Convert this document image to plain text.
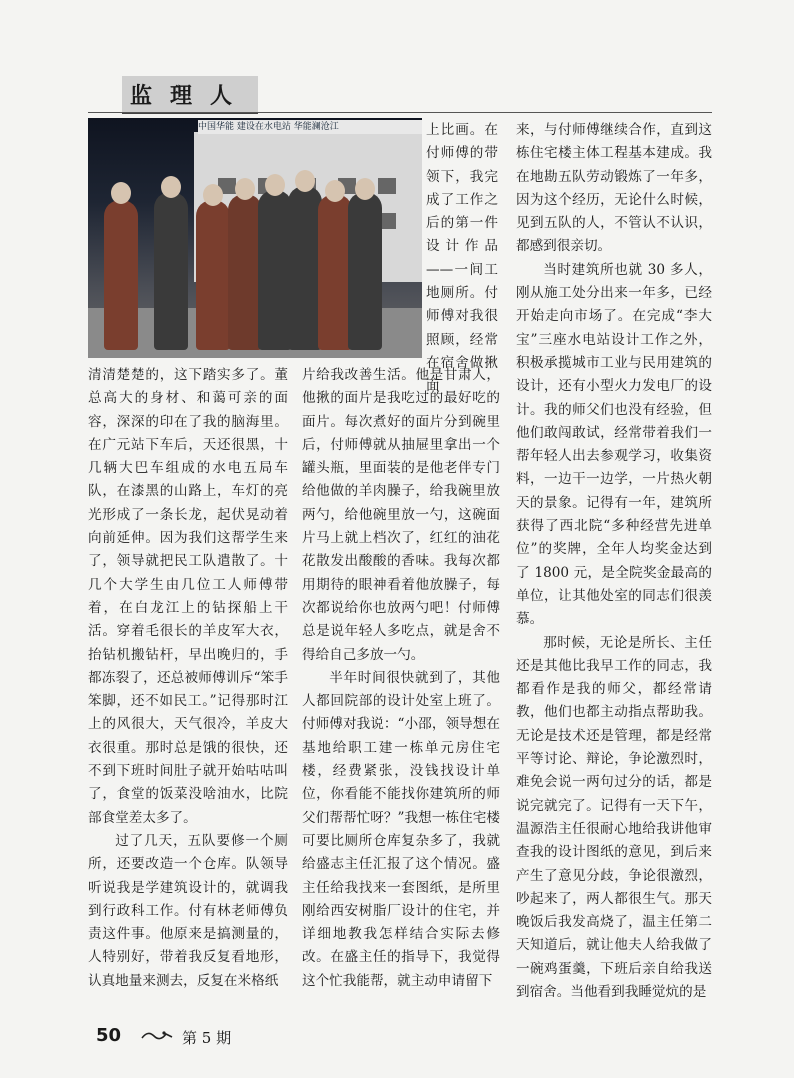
监理人
中国华能 建设在水电站 华能澜沧江	上比画。在付师傅的带领下，我完成了工作之后的第一件设计作品——一间工地厕所。付师傅对我很照顾，经常在宿舍做揪面

清清楚楚的，这下踏实多了。董总高大的身材、和蔼可亲的面容，深深的印在了我的脑海里。在广元站下车后，天还很黑，十几辆大巴车组成的水电五局车队，在漆黑的山路上，车灯的亮光形成了一条长龙，起伏晃动着向前延伸。因为我们这帮学生来了，领导就把民工队遣散了。十几个大学生由几位工人师傅带着，在白龙江上的钻探船上干活。穿着毛很长的羊皮军大衣，抬钻机搬钻杆，早出晚归的，手都冻裂了，还总被师傅训斥“笨手笨脚，还不如民工。”记得那时江上的风很大，天气很冷，羊皮大衣很重。那时总是饿的很快，还不到下班时间肚子就开始咕咕叫了，食堂的饭菜没啥油水，比院部食堂差太多了。

过了几天，五队要修一个厕所，还要改造一个仓库。队领导听说我是学建筑设计的，就调我到行政科工作。付有林老师傅负责这件事。他原来是搞测量的，人特别好，带着我反复看地形，认真地量来测去，反复在米格纸

片给我改善生活。他是甘肃人，他揪的面片是我吃过的最好吃的面片。每次煮好的面片分到碗里后，付师傅就从抽屉里拿出一个罐头瓶，里面装的是他老伴专门给他做的羊肉臊子，给我碗里放两勺，给他碗里放一勺，这碗面片马上就上档次了，红红的油花花散发出酸酸的香味。我每次都用期待的眼神看着他放臊子，每次都说给你也放两勺吧！付师傅总是说年轻人多吃点，就是舍不得给自己多放一勺。

半年时间很快就到了，其他人都回院部的设计处室上班了。付师傅对我说：“小邵，领导想在基地给职工建一栋单元房住宅楼，经费紧张，没钱找设计单位，你看能不能找你建筑所的师父们帮帮忙呀？”我想一栋住宅楼可要比厕所仓库复杂多了，我就给盛志主任汇报了这个情况。盛主任给我找来一套图纸，是所里刚给西安树脂厂设计的住宅，并详细地教我怎样结合实际去修改。在盛主任的指导下，我觉得这个忙我能帮，就主动申请留下

来，与付师傅继续合作，直到这栋住宅楼主体工程基本建成。我在地勘五队劳动锻炼了一年多，因为这个经历，无论什么时候，见到五队的人，不管认不认识，都感到很亲切。

当时建筑所也就 30 多人，刚从施工处分出来一年多，已经开始走向市场了。在完成“李大宝”三座水电站设计工作之外，积极承揽城市工业与民用建筑的设计，还有小型火力发电厂的设计。我的师父们也没有经验，但他们敢闯敢试，经常带着我们一帮年轻人出去参观学习，收集资料，一边干一边学，一片热火朝天的景象。记得有一年，建筑所获得了西北院“多种经营先进单位”的奖牌，全年人均奖金达到了 1800 元，是全院奖金最高的单位，让其他处室的同志们很羡慕。

那时候，无论是所长、主任还是其他比我早工作的同志，我都看作是我的师父，都经常请教，他们也都主动指点帮助我。无论是技术还是管理，都是经常平等讨论、辩论，争论激烈时，难免会说一两句过分的话，都是说完就完了。记得有一天下午，温源浩主任很耐心地给我讲他审查我的设计图纸的意见，到后来产生了意见分歧，争论很激烈，吵起来了，两人都很生气。那天晚饭后我发高烧了，温主任第二天知道后，就让他夫人给我做了一碗鸡蛋羹，下班后亲自给我送到宿舍。当他看到我睡觉炕的是

50	第 5 期
